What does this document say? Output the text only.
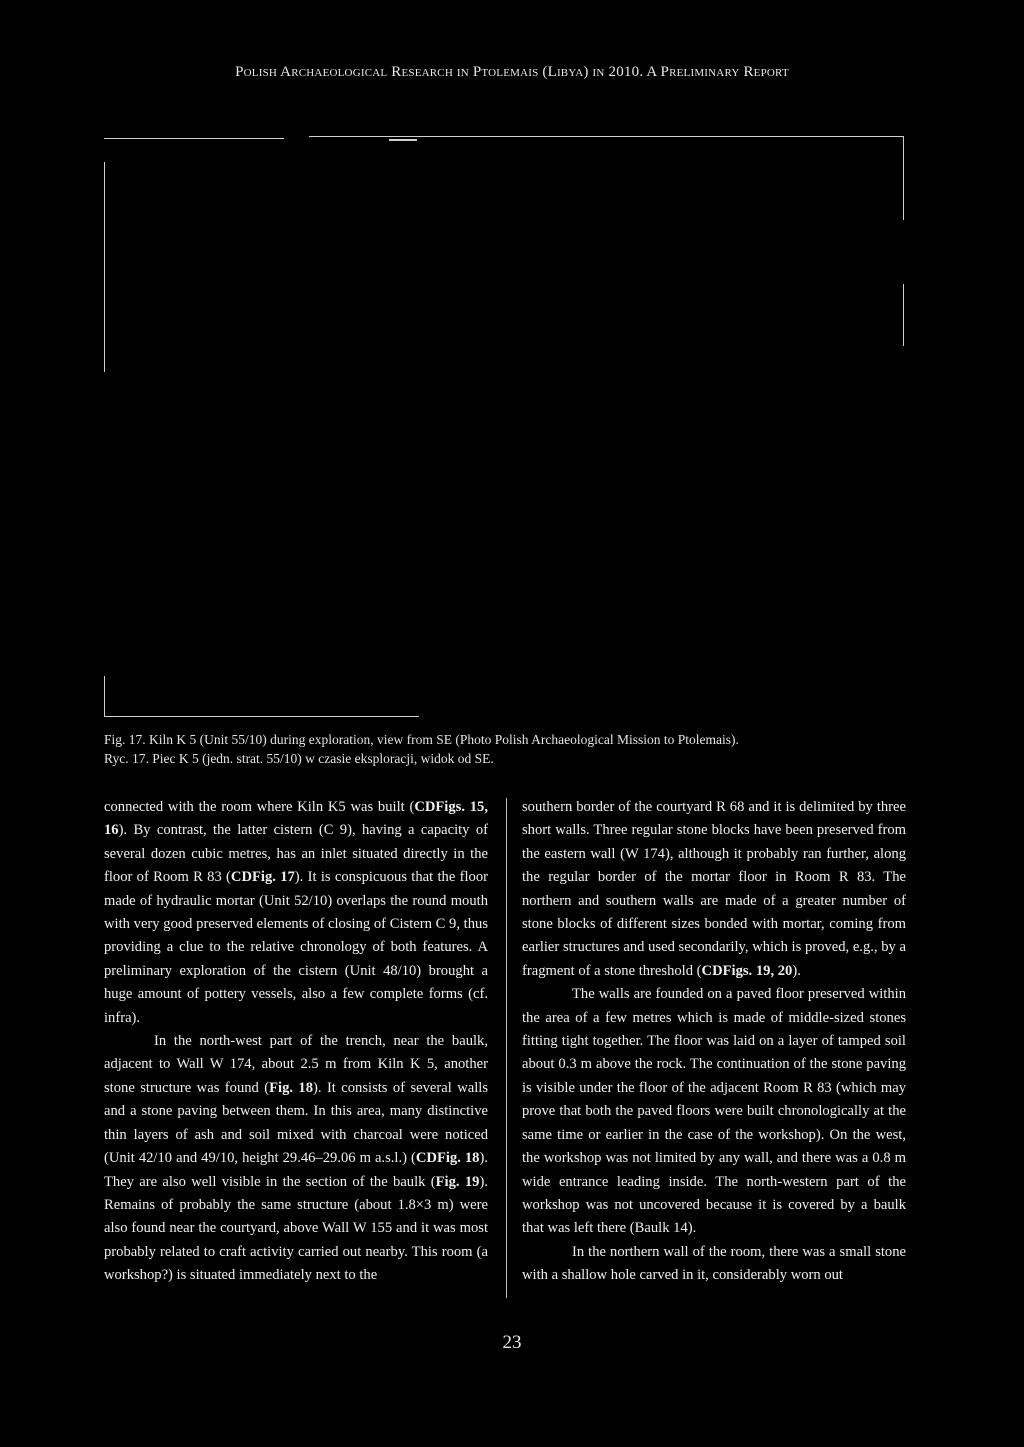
Polish Archaeological Research in Ptolemais (Libya) in 2010. A Preliminary Report
Fig. 17. Kiln K 5 (Unit 55/10) during exploration, view from SE (Photo Polish Archaeological Mission to Ptolemais).
Ryc. 17. Piec K 5 (jedn. strat. 55/10) w czasie eksploracji, widok od SE.

connected with the room where Kiln K5 was built (CDFigs. 15, 16). By contrast, the latter cistern (C 9), having a capacity of several dozen cubic metres, has an inlet situated directly in the floor of Room R 83 (CDFig. 17). It is conspicuous that the floor made of hydraulic mortar (Unit 52/10) overlaps the round mouth with very good preserved elements of closing of Cistern C 9, thus providing a clue to the relative chronology of both features. A preliminary exploration of the cistern (Unit 48/10) brought a huge amount of pottery vessels, also a few complete forms (cf. infra).

In the north-west part of the trench, near the baulk, adjacent to Wall W 174, about 2.5 m from Kiln K 5, another stone structure was found (Fig. 18). It consists of several walls and a stone paving between them. In this area, many distinctive thin layers of ash and soil mixed with charcoal were noticed (Unit 42/10 and 49/10, height 29.46–29.06 m a.s.l.) (CDFig. 18). They are also well visible in the section of the baulk (Fig. 19). Remains of probably the same structure (about 1.8×3 m) were also found near the courtyard, above Wall W 155 and it was most probably related to craft activity carried out nearby. This room (a workshop?) is situated immediately next to the

southern border of the courtyard R 68 and it is delimited by three short walls. Three regular stone blocks have been preserved from the eastern wall (W 174), although it probably ran further, along the regular border of the mortar floor in Room R 83. The northern and southern walls are made of a greater number of stone blocks of different sizes bonded with mortar, coming from earlier structures and used secondarily, which is proved, e.g., by a fragment of a stone threshold (CDFigs. 19, 20).

The walls are founded on a paved floor preserved within the area of a few metres which is made of middle-sized stones fitting tight together. The floor was laid on a layer of tamped soil about 0.3 m above the rock. The continuation of the stone paving is visible under the floor of the adjacent Room R 83 (which may prove that both the paved floors were built chronologically at the same time or earlier in the case of the workshop). On the west, the workshop was not limited by any wall, and there was a 0.8 m wide entrance leading inside. The north-western part of the workshop was not uncovered because it is covered by a baulk that was left there (Baulk 14).

In the northern wall of the room, there was a small stone with a shallow hole carved in it, considerably worn out

23
